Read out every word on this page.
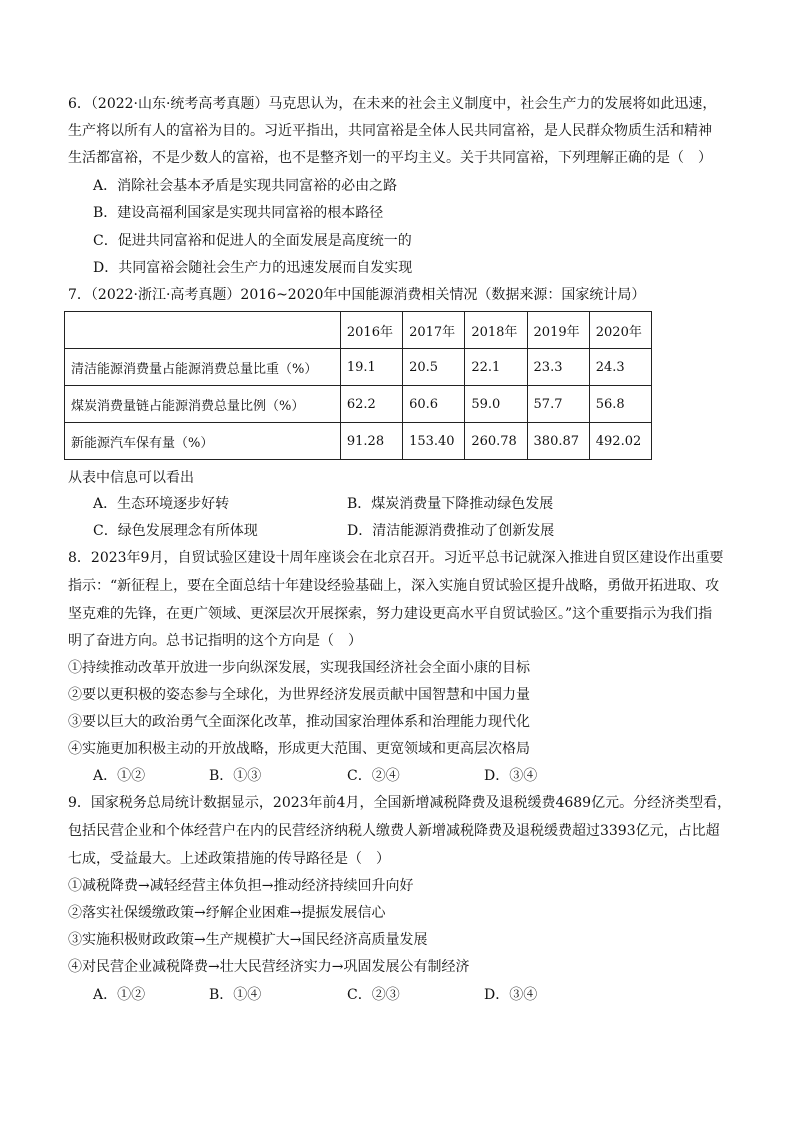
6．（2022·山东·统考高考真题）马克思认为，在未来的社会主义制度中，社会生产力的发展将如此迅速，
生产将以所有人的富裕为目的。习近平指出，共同富裕是全体人民共同富裕，是人民群众物质生活和精神
生活都富裕，不是少数人的富裕，也不是整齐划一的平均主义。关于共同富裕，下列理解正确的是（　）
A．消除社会基本矛盾是实现共同富裕的必由之路
B．建设高福利国家是实现共同富裕的根本路径
C．促进共同富裕和促进人的全面发展是高度统一的
D．共同富裕会随社会生产力的迅速发展而自发实现
7．（2022·浙江·高考真题）2016~2020年中国能源消费相关情况（数据来源：国家统计局）
	2016年	2017年	2018年	2019年	2020年
清洁能源消费量占能源消费总量比重（%）	19.1	20.5	22.1	23.3	24.3
煤炭消费量链占能源消费总量比例（%）	62.2	60.6	59.0	57.7	56.8
新能源汽车保有量（%）	91.28	153.40	260.78	380.87	492.02
从表中信息可以看出
A．生态环境逐步好转	B．煤炭消费量下降推动绿色发展
C．绿色发展理念有所体现	D．清洁能源消费推动了创新发展
8．2023年9月，自贸试验区建设十周年座谈会在北京召开。习近平总书记就深入推进自贸区建设作出重要
指示：“新征程上，要在全面总结十年建设经验基础上，深入实施自贸试验区提升战略，勇做开拓进取、攻
坚克难的先锋，在更广领域、更深层次开展探索，努力建设更高水平自贸试验区。”这个重要指示为我们指
明了奋进方向。总书记指明的这个方向是（　）
①持续推动改革开放进一步向纵深发展，实现我国经济社会全面小康的目标
②要以更积极的姿态参与全球化，为世界经济发展贡献中国智慧和中国力量
③要以巨大的政治勇气全面深化改革，推动国家治理体系和治理能力现代化
④实施更加积极主动的开放战略，形成更大范围、更宽领域和更高层次格局
A．①②	B．①③	C．②④	D．③④
9．国家税务总局统计数据显示，2023年前4月，全国新增减税降费及退税缓费4689亿元。分经济类型看，
包括民营企业和个体经营户在内的民营经济纳税人缴费人新增减税降费及退税缓费超过3393亿元，占比超
七成，受益最大。上述政策措施的传导路径是（　）
①减税降费→减轻经营主体负担→推动经济持续回升向好
②落实社保缓缴政策→纾解企业困难→提振发展信心
③实施积极财政政策→生产规模扩大→国民经济高质量发展
④对民营企业减税降费→壮大民营经济实力→巩固发展公有制经济
A．①②	B．①④	C．②③	D．③④
